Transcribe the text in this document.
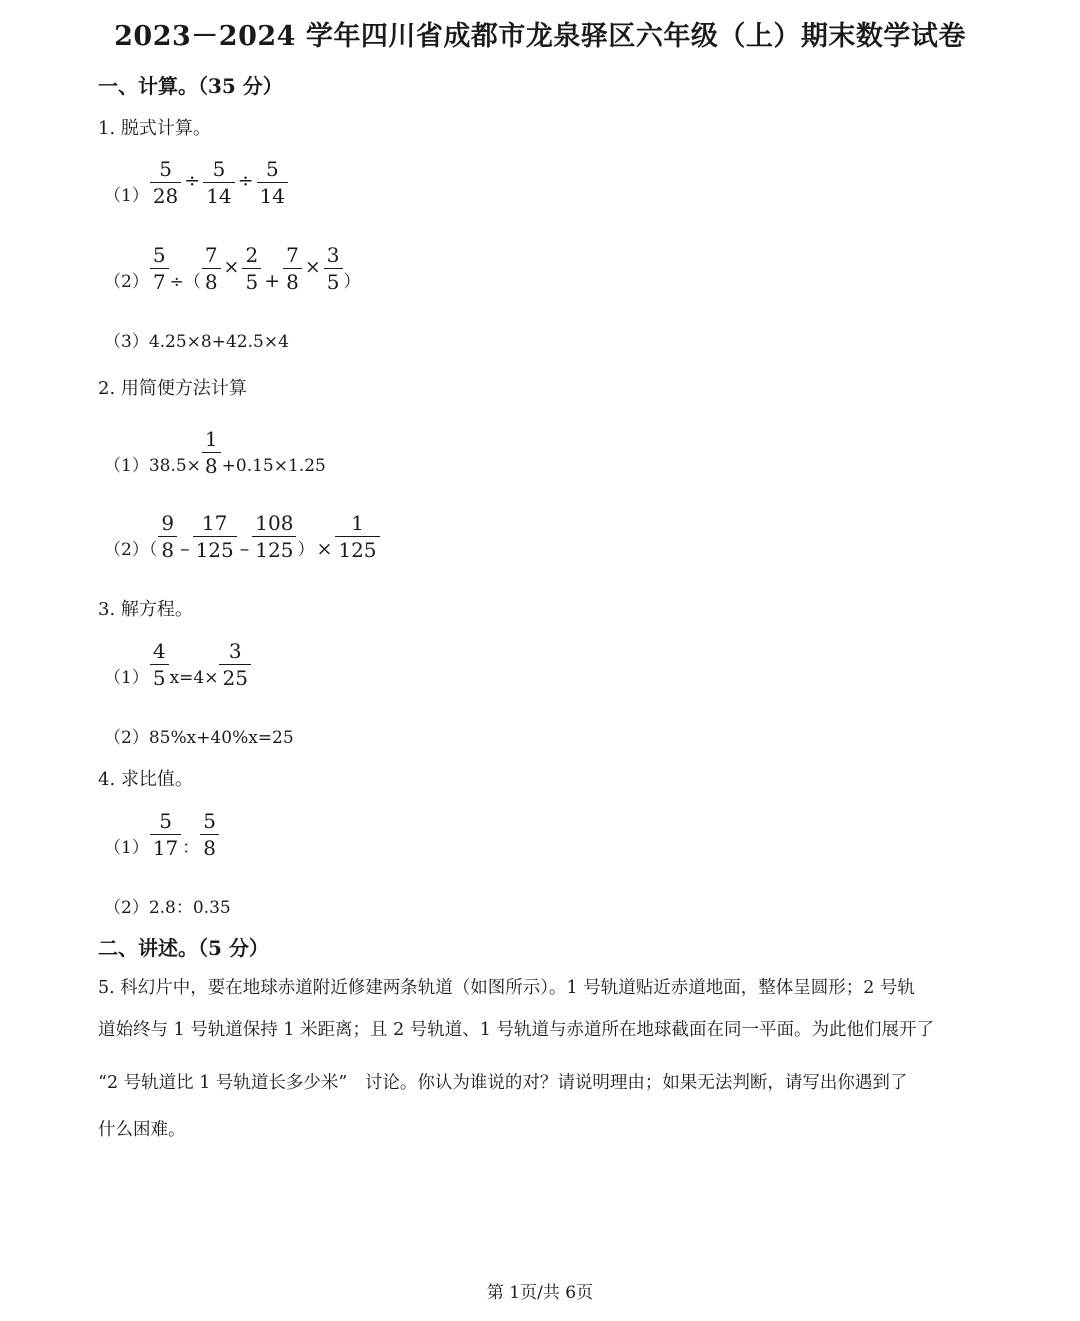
2023－2024 学年四川省成都市龙泉驿区六年级（上）期末数学试卷
一、计算。（35 分）
1. 脱式计算。
$(1) \frac{5}{28} \div \frac{5}{14} \div \frac{5}{14}$
$(2) \frac{5}{7}$ ÷（ $\frac{7}{8} \times \frac{2}{5} + \frac{7}{8} \times \frac{3}{5}$ ）
（3）4.25×8+42.5×4
2. 用简便方法计算
$(1)38.5\times \frac{1}{8} +0.15\times 1.25$
$(2)( \frac{9}{8} - \frac{17}{125} - \frac{108}{125}$ ） × $\frac{1}{125}$
3. 解方程。
$(1) \frac{4}{5} x=4\times \frac{3}{25}$
（2）85%x+40%x=25
4. 求比值。
$(1) \frac{5}{17}$ ： $\frac{5}{8}$
（2）2.8：0.35
二、讲述。（5 分）
5. 科幻片中，要在地球赤道附近修建两条轨道（如图所示）。1 号轨道贴近赤道地面，整体呈圆形；2 号轨
道始终与 1 号轨道保持 1 米距离；且 2 号轨道、1 号轨道与赤道所在地球截面在同一平面。为此他们展开了
“2 号轨道比 1 号轨道长多少米”　讨论。你认为谁说的对？请说明理由；如果无法判断，请写出你遇到了
什么困难。
第 1页/共 6页
